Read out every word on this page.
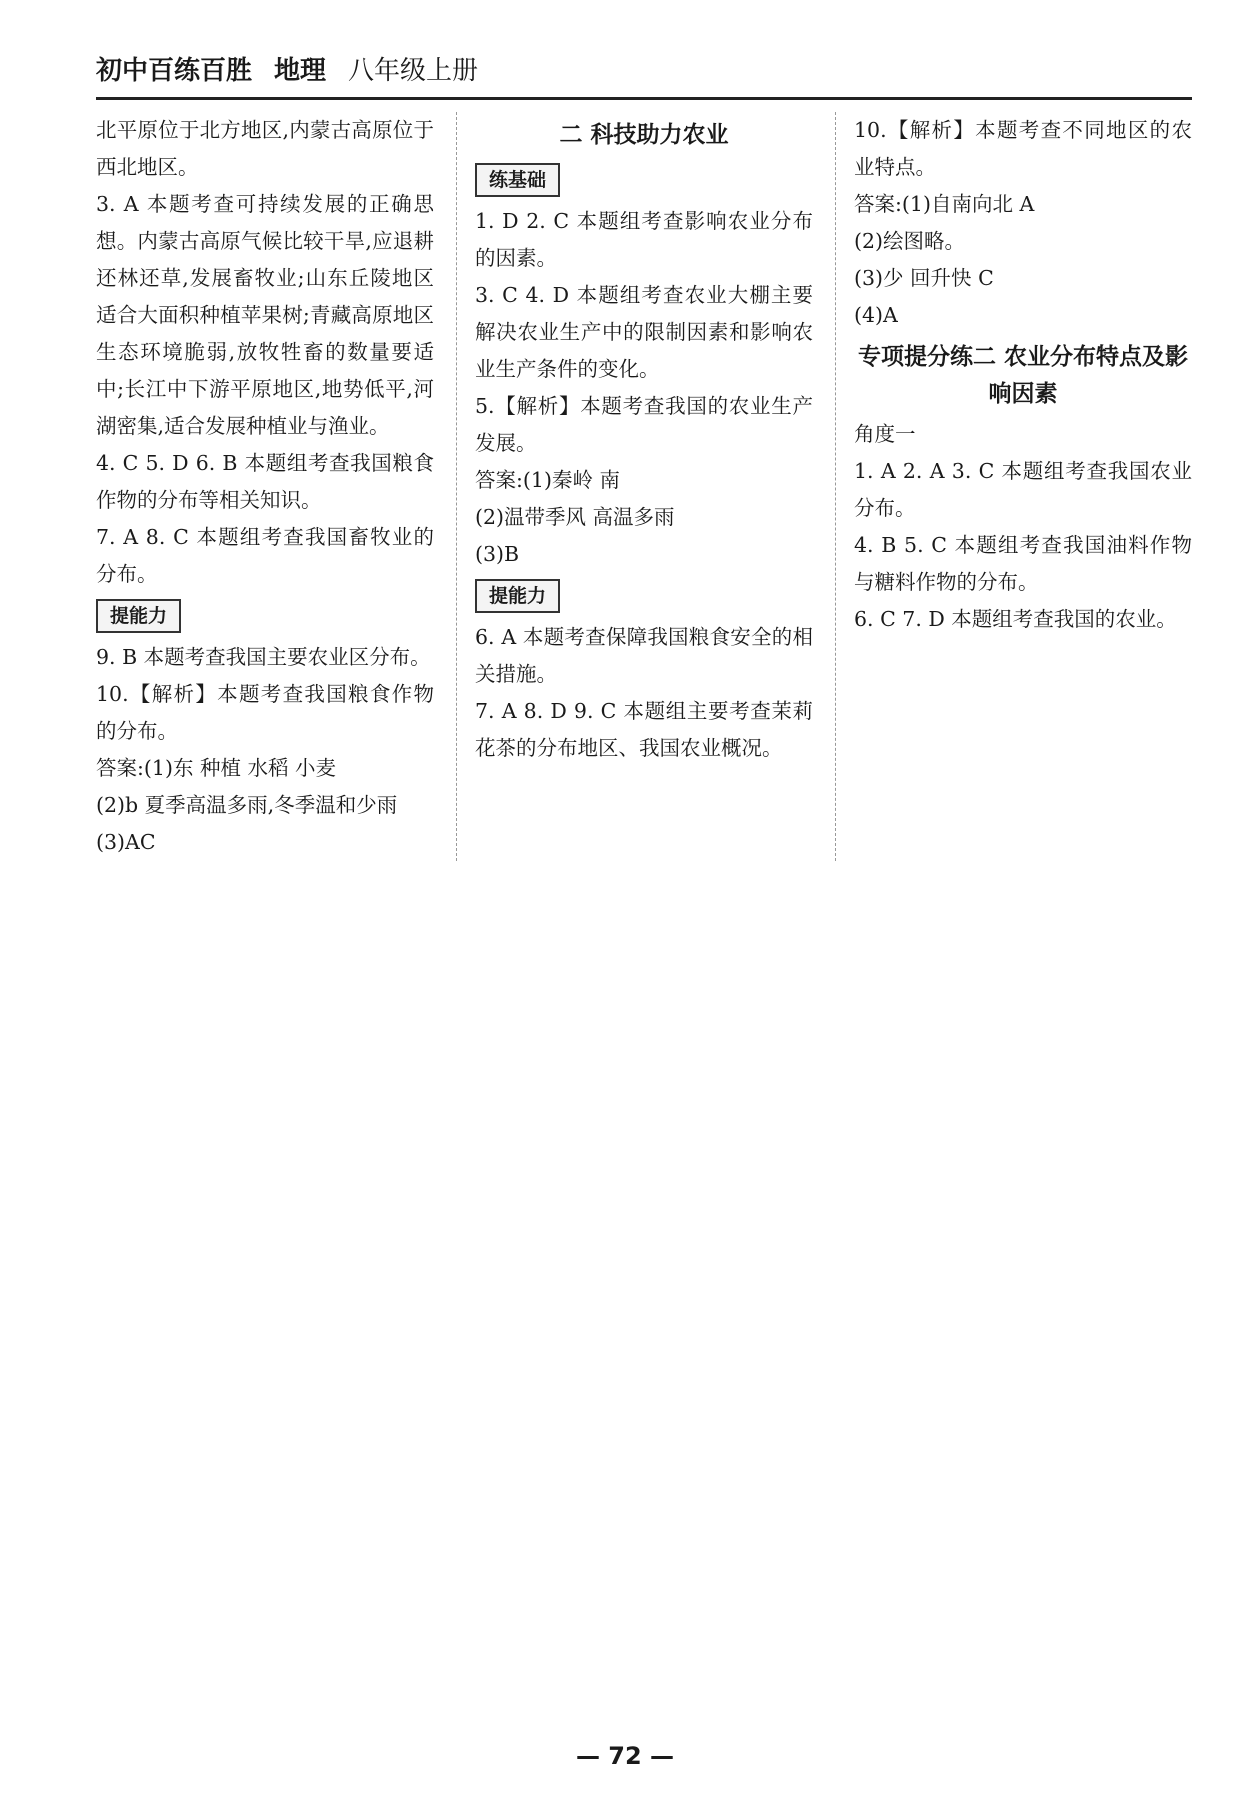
初中百练百胜 地理 八年级上册

北平原位于北方地区,内蒙古高原位于西北地区。

3. A 本题考查可持续发展的正确思想。内蒙古高原气候比较干旱,应退耕还林还草,发展畜牧业;山东丘陵地区适合大面积种植苹果树;青藏高原地区生态环境脆弱,放牧牲畜的数量要适中;长江中下游平原地区,地势低平,河湖密集,适合发展种植业与渔业。

4. C 5. D 6. B 本题组考查我国粮食作物的分布等相关知识。

7. A 8. C 本题组考查我国畜牧业的分布。

提能力

9. B 本题考查我国主要农业区分布。

10.【解析】本题考查我国粮食作物的分布。

答案:(1)东 种植 水稻 小麦

(2)b 夏季高温多雨,冬季温和少雨

(3)AC

二 科技助力农业
练基础

1. D 2. C 本题组考查影响农业分布的因素。

3. C 4. D 本题组考查农业大棚主要解决农业生产中的限制因素和影响农业生产条件的变化。

5.【解析】本题考查我国的农业生产发展。

答案:(1)秦岭 南

(2)温带季风 高温多雨

(3)B

提能力

6. A 本题考查保障我国粮食安全的相关措施。

7. A 8. D 9. C 本题组主要考查茉莉花茶的分布地区、我国农业概况。

10.【解析】本题考查不同地区的农业特点。

答案:(1)自南向北 A

(2)绘图略。

(3)少 回升快 C

(4)A

专项提分练二 农业分布特点及影响因素

角度一

1. A 2. A 3. C 本题组考查我国农业分布。

4. B 5. C 本题组考查我国油料作物与糖料作物的分布。

6. C 7. D 本题组考查我国的农业。

— 72 —
